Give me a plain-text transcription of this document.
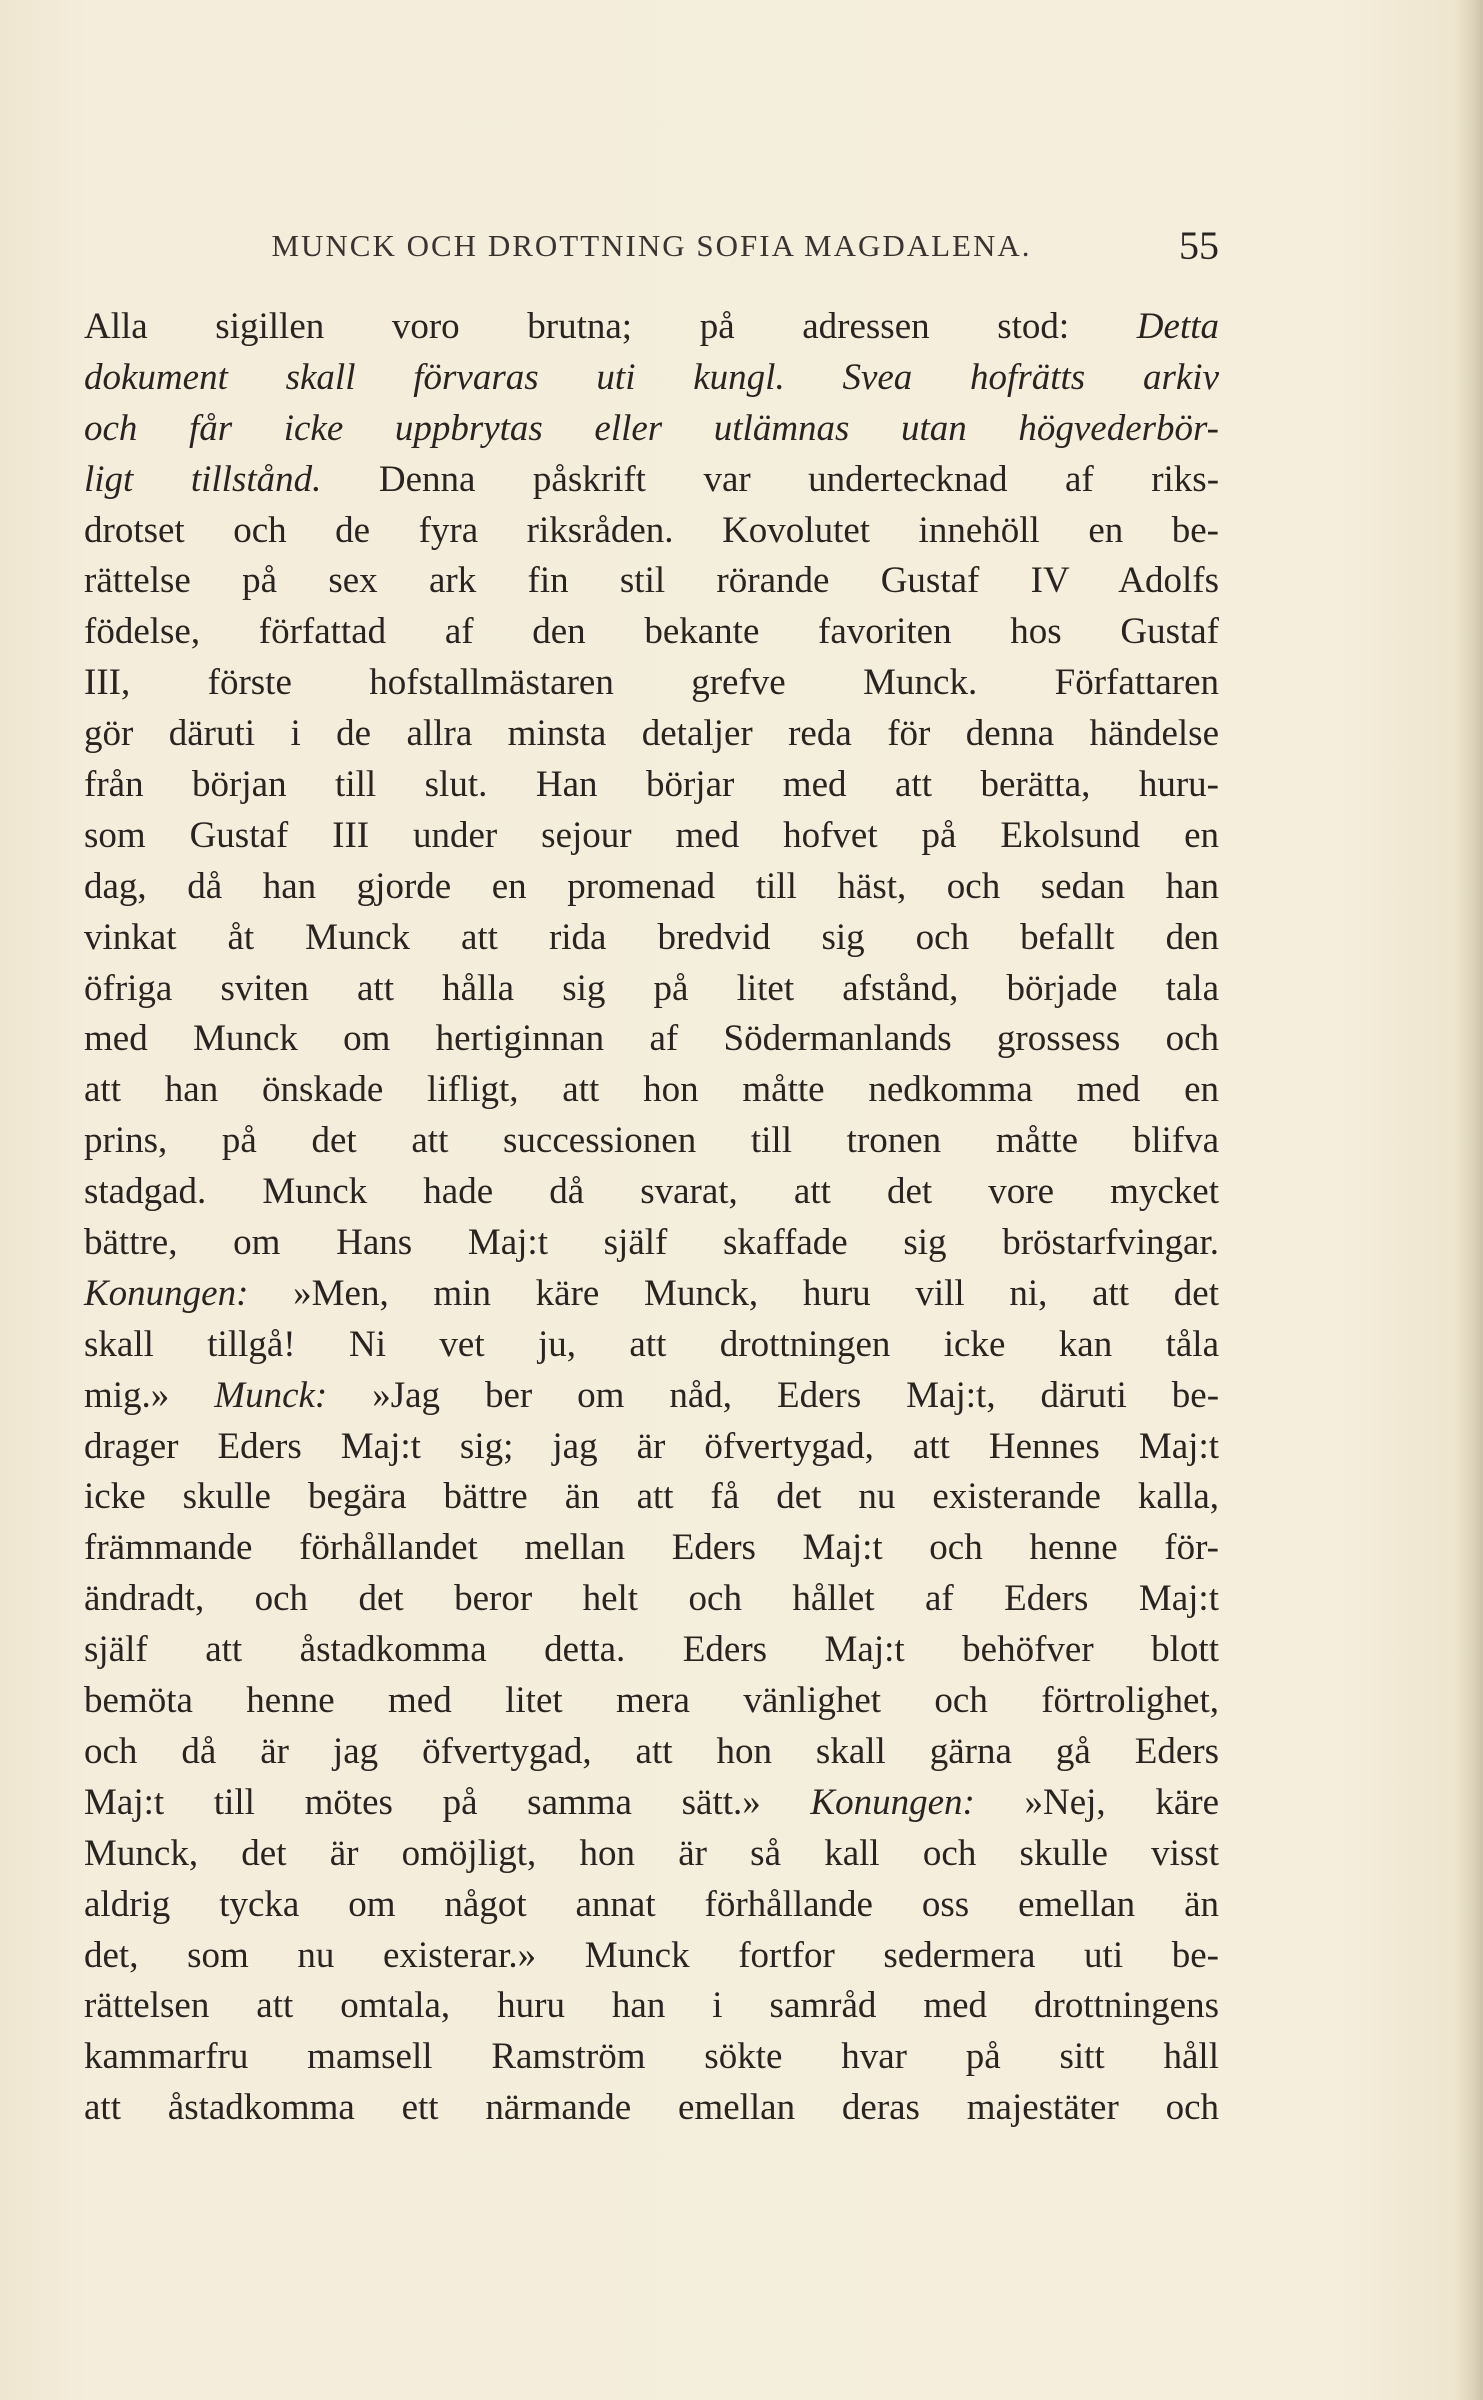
MUNCK OCH DROTTNING SOFIA MAGDALENA.	55
Alla sigillen voro brutna; på adressen stod: Detta
dokument skall förvaras uti kungl. Svea hofrätts arkiv
och får icke uppbrytas eller utlämnas utan högvederbör-
ligt tillstånd. Denna påskrift var undertecknad af riks-
drotset och de fyra riksråden. Kovolutet innehöll en be-
rättelse på sex ark fin stil rörande Gustaf IV Adolfs
födelse, författad af den bekante favoriten hos Gustaf
III, förste hofstallmästaren grefve Munck. Författaren
gör däruti i de allra minsta detaljer reda för denna händelse
från början till slut. Han börjar med att berätta, huru-
som Gustaf III under sejour med hofvet på Ekolsund en
dag, då han gjorde en promenad till häst, och sedan han
vinkat åt Munck att rida bredvid sig och befallt den
öfriga sviten att hålla sig på litet afstånd, började tala
med Munck om hertiginnan af Södermanlands grossess och
att han önskade lifligt, att hon måtte nedkomma med en
prins, på det att successionen till tronen måtte blifva
stadgad. Munck hade då svarat, att det vore mycket
bättre, om Hans Maj:t själf skaffade sig bröstarfvingar.
Konungen: »Men, min käre Munck, huru vill ni, att det
skall tillgå! Ni vet ju, att drottningen icke kan tåla
mig.» Munck: »Jag ber om nåd, Eders Maj:t, däruti be-
drager Eders Maj:t sig; jag är öfvertygad, att Hennes Maj:t
icke skulle begära bättre än att få det nu existerande kalla,
främmande förhållandet mellan Eders Maj:t och henne för-
ändradt, och det beror helt och hållet af Eders Maj:t
själf att åstadkomma detta. Eders Maj:t behöfver blott
bemöta henne med litet mera vänlighet och förtrolighet,
och då är jag öfvertygad, att hon skall gärna gå Eders
Maj:t till mötes på samma sätt.» Konungen: »Nej, käre
Munck, det är omöjligt, hon är så kall och skulle visst
aldrig tycka om något annat förhållande oss emellan än
det, som nu existerar.» Munck fortfor sedermera uti be-
rättelsen att omtala, huru han i samråd med drottningens
kammarfru mamsell Ramström sökte hvar på sitt håll
att åstadkomma ett närmande emellan deras majestäter och
